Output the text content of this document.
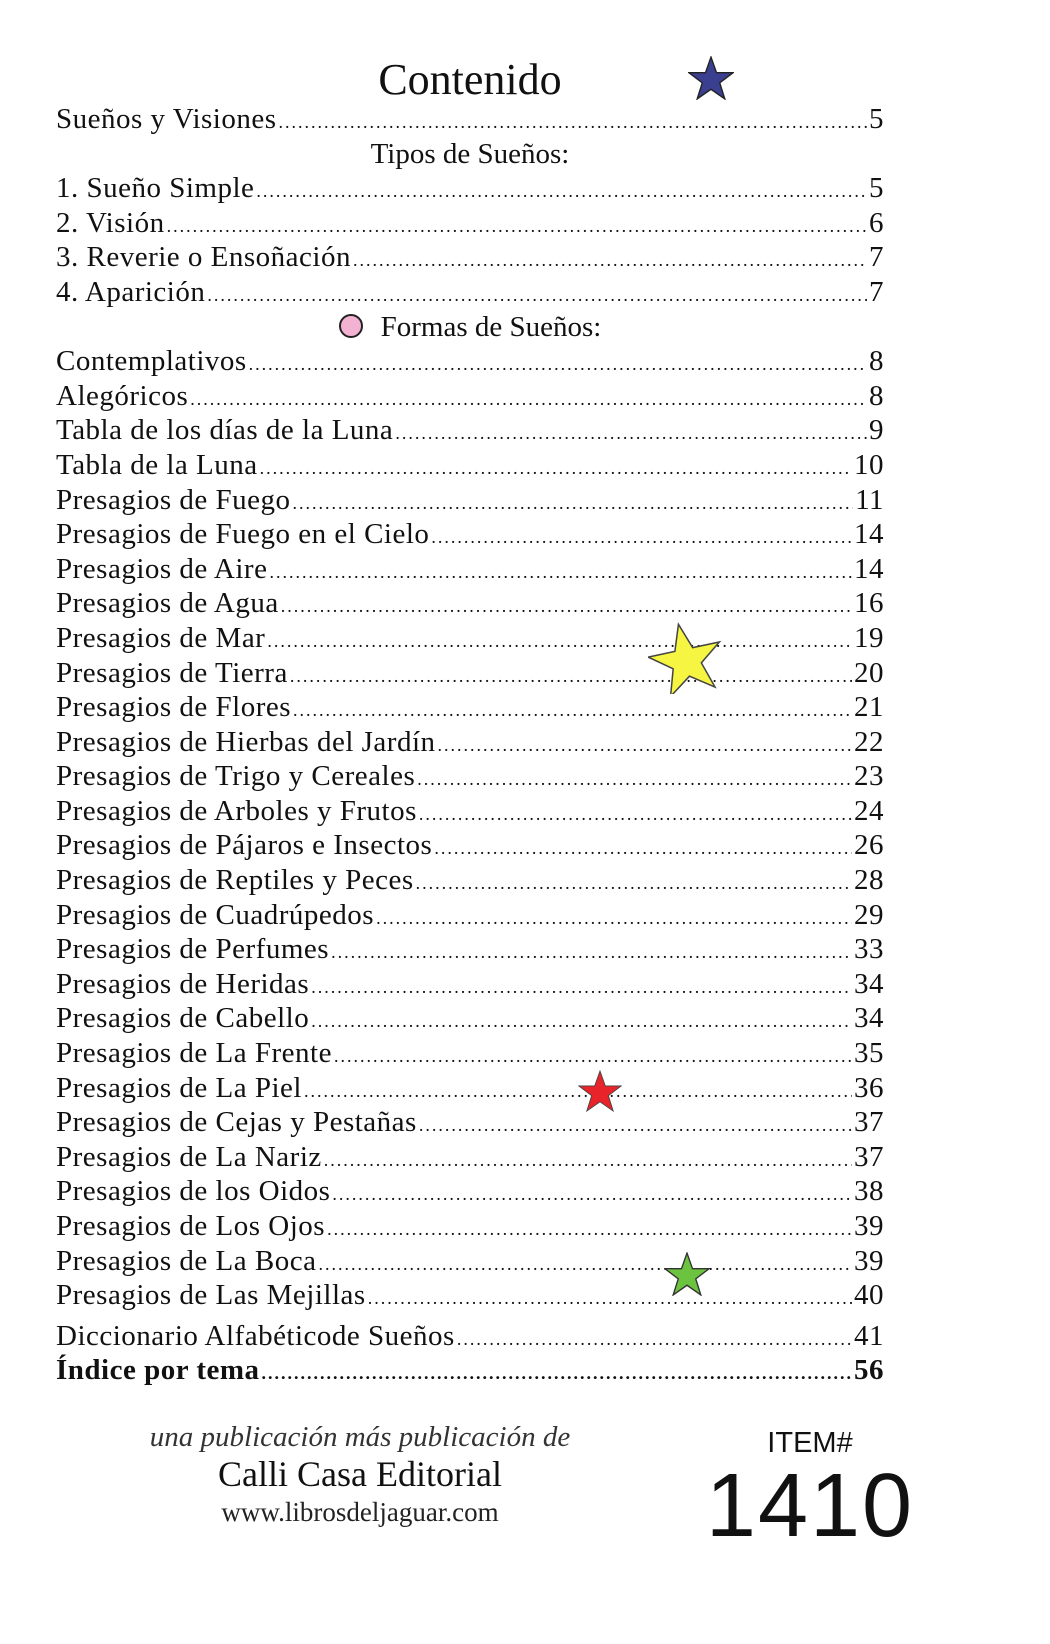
Contenido
Sueños y Visiones .....	5
Tipos de Sueños:
1. Sueño Simple .....	5
2. Visión .....	6
3. Reverie o Ensoñación .....	7
4. Aparición .....	7
Formas de Sueños:
Contemplativos .....	8
Alegóricos .....	8
Tabla de los días de la Luna .....	9
Tabla de la Luna .....	10
Presagios de Fuego .....	11
Presagios de Fuego en el Cielo .....	14
Presagios de Aire .....	14
Presagios de Agua .....	16
Presagios de Mar .....	19
Presagios de Tierra .....	20
Presagios de Flores .....	21
Presagios de Hierbas del Jardín .....	22
Presagios de Trigo y Cereales .....	23
Presagios de Arboles y Frutos .....	24
Presagios de Pájaros e Insectos .....	26
Presagios de Reptiles y Peces .....	28
Presagios de Cuadrúpedos .....	29
Presagios de Perfumes .....	33
Presagios de Heridas .....	34
Presagios de Cabello .....	34
Presagios de La Frente .....	35
Presagios de La Piel .....	36
Presagios de Cejas y Pestañas .....	37
Presagios de La Nariz .....	37
Presagios de los Oidos .....	38
Presagios de Los Ojos .....	39
Presagios de La Boca .....	39
Presagios de Las Mejillas .....	40
Diccionario Alfabéticode Sueños .....	41
Índice por tema .....	56
una publicación más publicación de
Calli Casa Editorial
www.librosdeljaguar.com
ITEM#
1410
